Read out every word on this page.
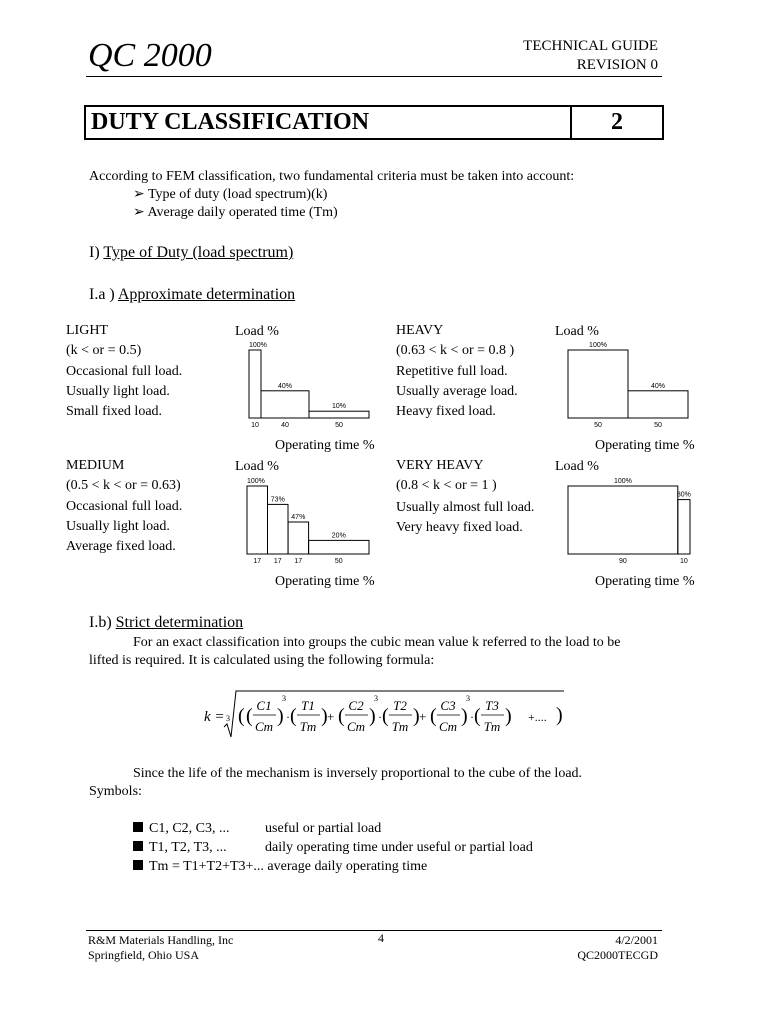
QC 2000	TECHNICAL GUIDE
REVISION 0
DUTY CLASSIFICATION	2
According to FEM classification, two fundamental criteria must be taken into account:
➢ Type of duty (load spectrum)(k)
➢ Average daily operated time (Tm)
I) Type of Duty (load spectrum)
I.a ) Approximate determination
LIGHT
(k < or = 0.5)
Occasional full load.
Usually light load.
Small fixed load.
Load %
100%
10
40%
40
10%
50
Operating time %
HEAVY
(0.63 < k < or = 0.8 )
Repetitive full load.
Usually average load.
Heavy fixed load.
Load %
100%
50
40%
50
Operating time %
MEDIUM
(0.5 < k < or = 0.63)
Occasional full load.
Usually light load.
Average fixed load.
Load %
100%
17
73%
17
47%
17
20%
50
Operating time %
VERY HEAVY
(0.8 < k < or = 1 )
Usually almost full load.
Very heavy fixed load.
Load %
100%
90
80%
10
Operating time %
I.b) Strict determination
For an exact classification into groups the cubic mean value k referred to the load to be
lifted is required. It is calculated using the following formula:
k = 3 ( ( C1
Cm )
3
· ( T1
Tm ) + ( C2
Cm )
3
· ( T2
Tm ) + ( C3
Cm )
3
· ( T3
Tm ) +.... )
Since the life of the mechanism is inversely proportional to the cube of the load.
Symbols:
C1, C2, C3, ...	useful or partial load
T1, T2, T3, ...	daily operating time under useful or partial load
Tm = T1+T2+T3+... average daily operating time
R&M Materials Handling, Inc
Springfield, Ohio USA
4	4/2/2001
QC2000TECGD
